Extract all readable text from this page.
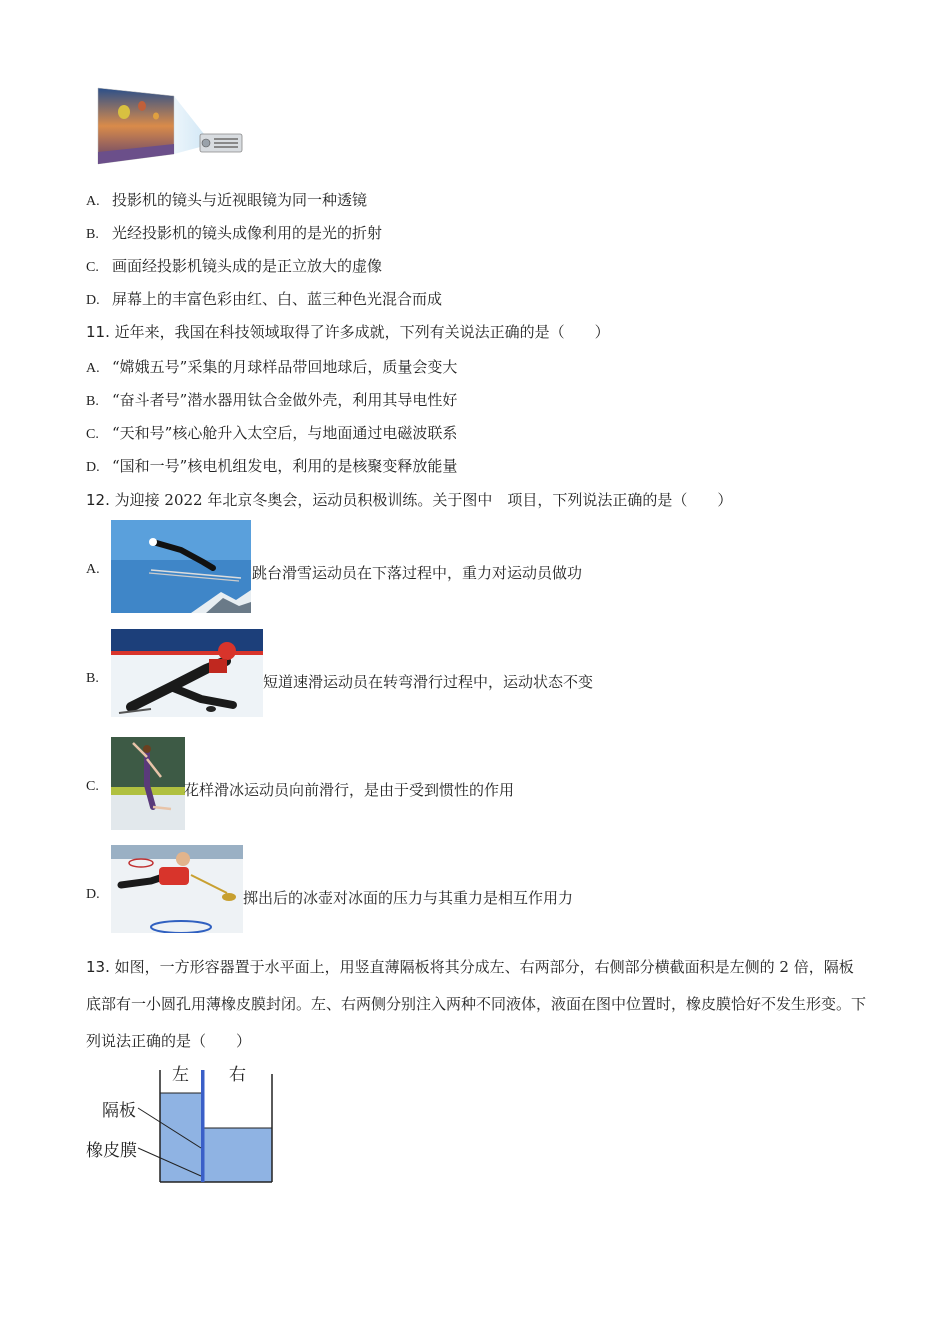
A. 投影机的镜头与近视眼镜为同一种透镜
B. 光经投影机的镜头成像利用的是光的折射
C. 画面经投影机镜头成的是正立放大的虚像
D. 屏幕上的丰富色彩由红、白、蓝三种色光混合而成
11. 近年来，我国在科技领域取得了许多成就，下列有关说法正确的是（　　）
A. “嫦娥五号”采集的月球样品带回地球后，质量会变大
B. “奋斗者号”潜水器用钛合金做外壳，利用其导电性好
C. “天和号”核心舱升入太空后，与地面通过电磁波联系
D. “国和一号”核电机组发电，利用的是核聚变释放能量
12. 为迎接 2022 年北京冬奥会，运动员积极训练。关于图中　项目，下列说法正确的是（　　）
A.	跳台滑雪运动员在下落过程中，重力对运动员做功
B.	短道速滑运动员在转弯滑行过程中，运动状态不变
C.	花样滑冰运动员向前滑行，是由于受到惯性的作用
D.	掷出后的冰壶对冰面的压力与其重力是相互作用力
13. 如图，一方形容器置于水平面上，用竖直薄隔板将其分成左、右两部分，右侧部分横截面积是左侧的 2 倍，隔板底部有一小圆孔用薄橡皮膜封闭。左、右两侧分别注入两种不同液体，液面在图中位置时，橡皮膜恰好不发生形变。下列说法正确的是（　　）
左 右
隔板
橡皮膜
